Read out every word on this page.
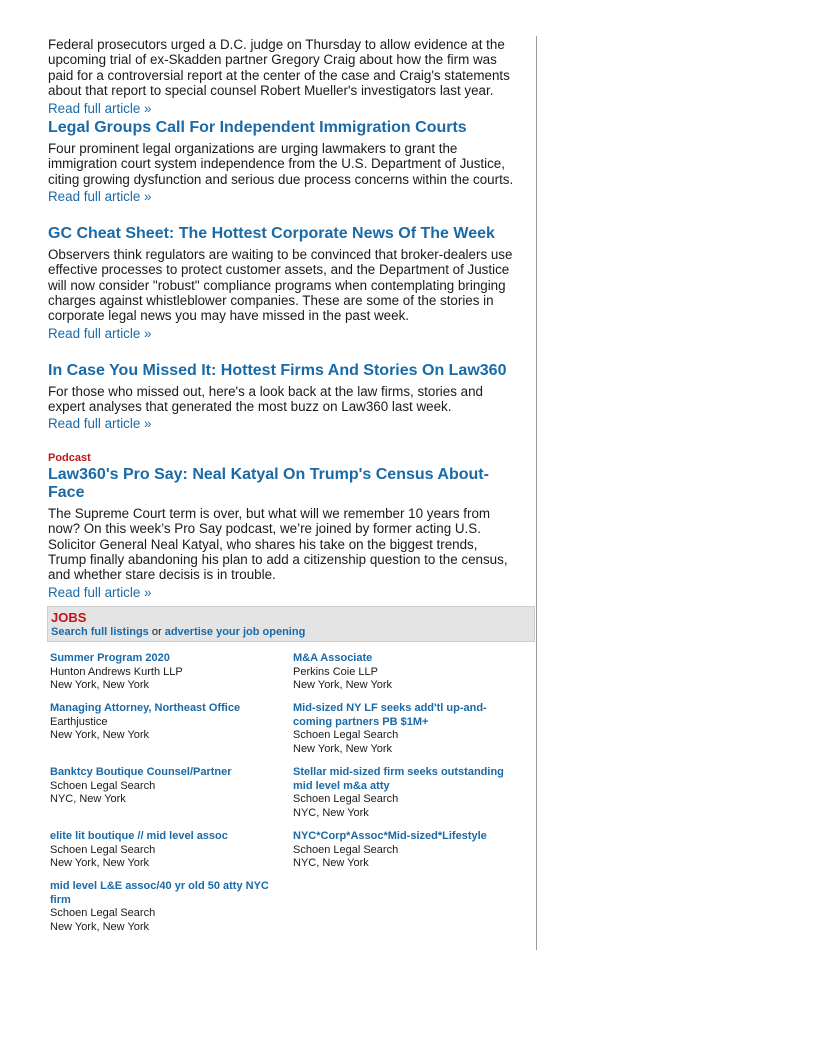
Federal prosecutors urged a D.C. judge on Thursday to allow evidence at the upcoming trial of ex-Skadden partner Gregory Craig about how the firm was paid for a controversial report at the center of the case and Craig's statements about that report to special counsel Robert Mueller's investigators last year.

Read full article »
Legal Groups Call For Independent Immigration Courts

Four prominent legal organizations are urging lawmakers to grant the immigration court system independence from the U.S. Department of Justice, citing growing dysfunction and serious due process concerns within the courts.

Read full article »
GC Cheat Sheet: The Hottest Corporate News Of The Week

Observers think regulators are waiting to be convinced that broker-dealers use effective processes to protect customer assets, and the Department of Justice will now consider "robust" compliance programs when contemplating bringing charges against whistleblower companies. These are some of the stories in corporate legal news you may have missed in the past week.

Read full article »
In Case You Missed It: Hottest Firms And Stories On Law360

For those who missed out, here's a look back at the law firms, stories and expert analyses that generated the most buzz on Law360 last week.

Read full article »
Podcast
Law360's Pro Say: Neal Katyal On Trump's Census About-Face

The Supreme Court term is over, but what will we remember 10 years from now? On this week’s Pro Say podcast, we’re joined by former acting U.S. Solicitor General Neal Katyal, who shares his take on the biggest trends, Trump finally abandoning his plan to add a citizenship question to the census, and whether stare decisis is in trouble.

Read full article »
JOBS
Search full listings or advertise your job opening
Summer Program 2020
Hunton Andrews Kurth LLP
New York, New York
M&A Associate
Perkins Coie LLP
New York, New York
Managing Attorney, Northeast Office
Earthjustice
New York, New York
Mid-sized NY LF seeks add'tl up-and-coming partners PB $1M+
Schoen Legal Search
New York, New York
Banktcy Boutique Counsel/Partner
Schoen Legal Search
NYC, New York
Stellar mid-sized firm seeks outstanding mid level m&a atty
Schoen Legal Search
NYC, New York
elite lit boutique // mid level assoc
Schoen Legal Search
New York, New York
NYC*Corp*Assoc*Mid-sized*Lifestyle
Schoen Legal Search
NYC, New York
mid level L&E assoc/40 yr old 50 atty NYC firm
Schoen Legal Search
New York, New York
